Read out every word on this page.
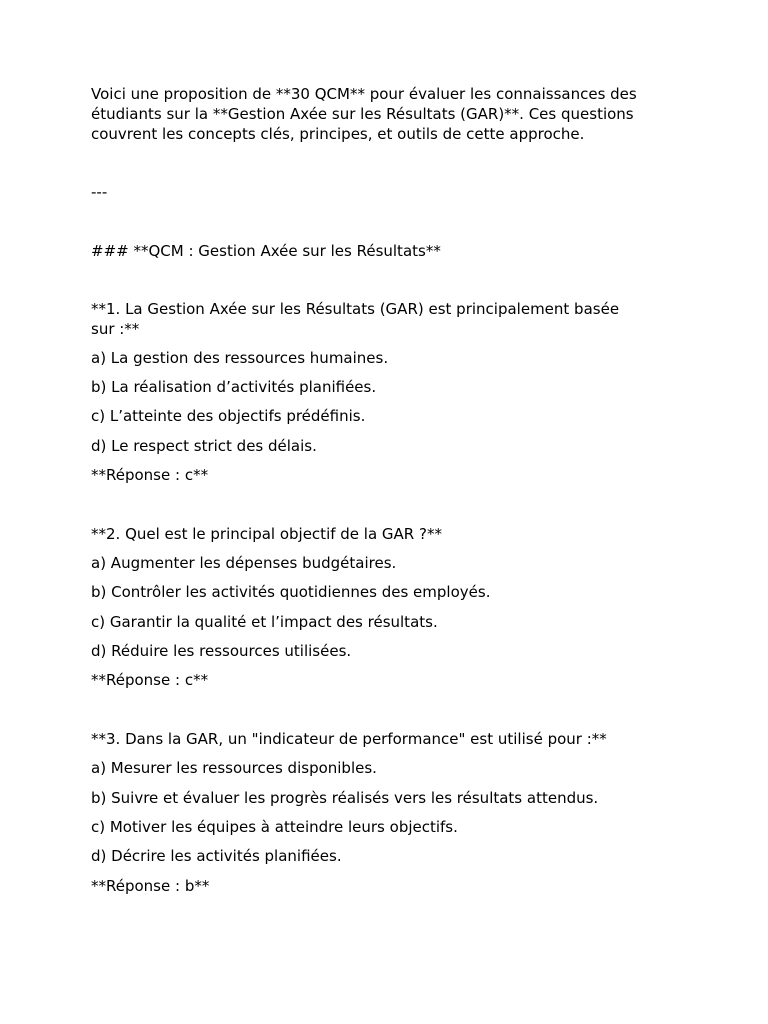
Voici une proposition de **30 QCM** pour évaluer les connaissances des
étudiants sur la **Gestion Axée sur les Résultats (GAR)**. Ces questions
couvrent les concepts clés, principes, et outils de cette approche.
---
### **QCM : Gestion Axée sur les Résultats**
**1. La Gestion Axée sur les Résultats (GAR) est principalement basée
sur :**
a) La gestion des ressources humaines.
b) La réalisation d’activités planifiées.
c) L’atteinte des objectifs prédéfinis.
d) Le respect strict des délais.
**Réponse : c**
**2. Quel est le principal objectif de la GAR ?**
a) Augmenter les dépenses budgétaires.
b) Contrôler les activités quotidiennes des employés.
c) Garantir la qualité et l’impact des résultats.
d) Réduire les ressources utilisées.
**Réponse : c**
**3. Dans la GAR, un "indicateur de performance" est utilisé pour :**
a) Mesurer les ressources disponibles.
b) Suivre et évaluer les progrès réalisés vers les résultats attendus.
c) Motiver les équipes à atteindre leurs objectifs.
d) Décrire les activités planifiées.
**Réponse : b**
